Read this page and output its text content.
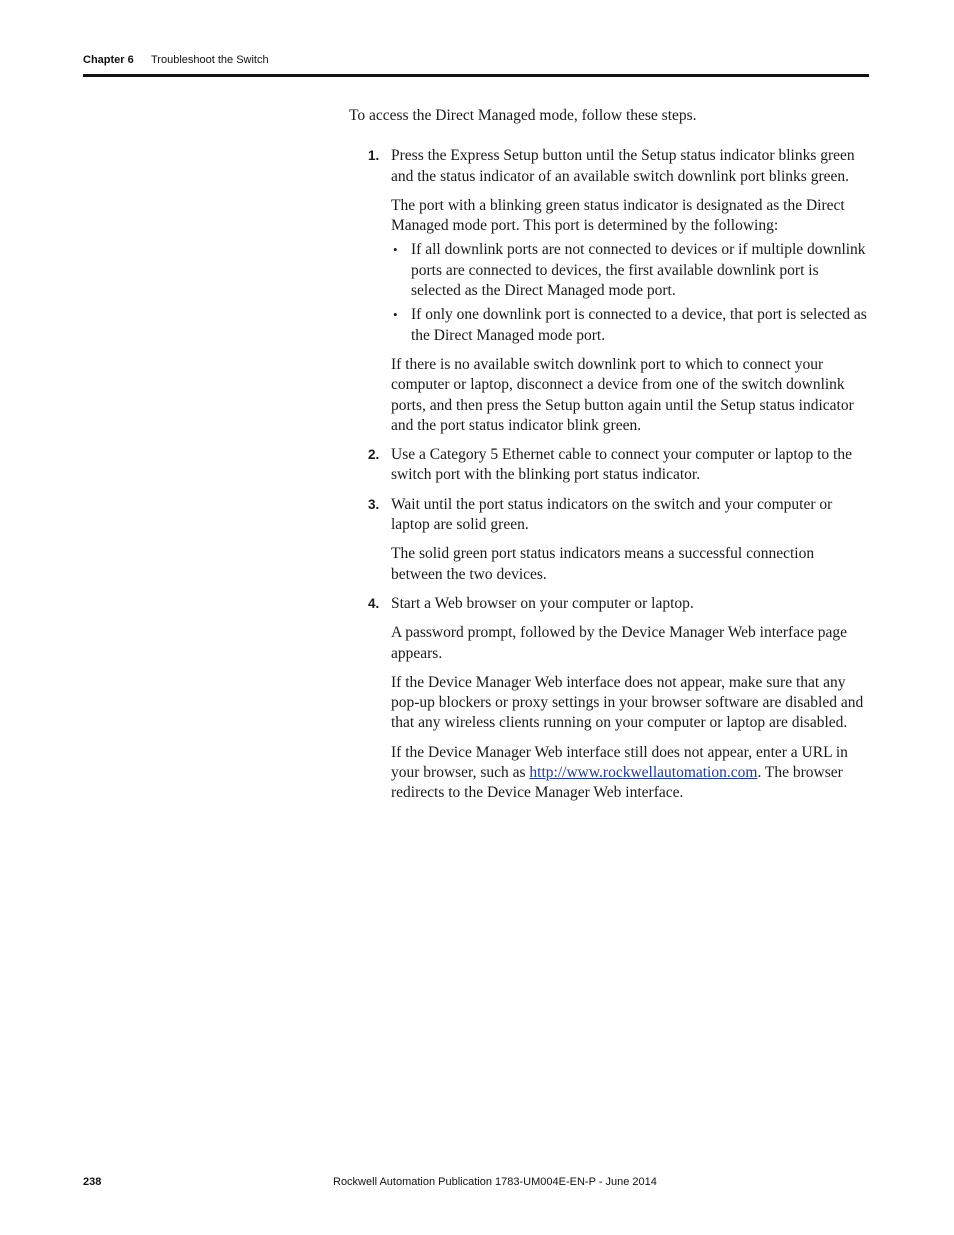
Chapter 6 Troubleshoot the Switch

To access the Direct Managed mode, follow these steps.

1. Press the Express Setup button until the Setup status indicator blinks green and the status indicator of an available switch downlink port blinks green.

The port with a blinking green status indicator is designated as the Direct Managed mode port. This port is determined by the following:

• If all downlink ports are not connected to devices or if multiple downlink ports are connected to devices, the first available downlink port is selected as the Direct Managed mode port.
• If only one downlink port is connected to a device, that port is selected as the Direct Managed mode port.

If there is no available switch downlink port to which to connect your computer or laptop, disconnect a device from one of the switch downlink ports, and then press the Setup button again until the Setup status indicator and the port status indicator blink green.

2. Use a Category 5 Ethernet cable to connect your computer or laptop to the switch port with the blinking port status indicator.

3. Wait until the port status indicators on the switch and your computer or laptop are solid green.

The solid green port status indicators means a successful connection between the two devices.

4. Start a Web browser on your computer or laptop.

A password prompt, followed by the Device Manager Web interface page appears.

If the Device Manager Web interface does not appear, make sure that any pop-up blockers or proxy settings in your browser software are disabled and that any wireless clients running on your computer or laptop are disabled.

If the Device Manager Web interface still does not appear, enter a URL in your browser, such as http://www.rockwellautomation.com. The browser redirects to the Device Manager Web interface.

238	Rockwell Automation Publication 1783-UM004E-EN-P - June 2014
